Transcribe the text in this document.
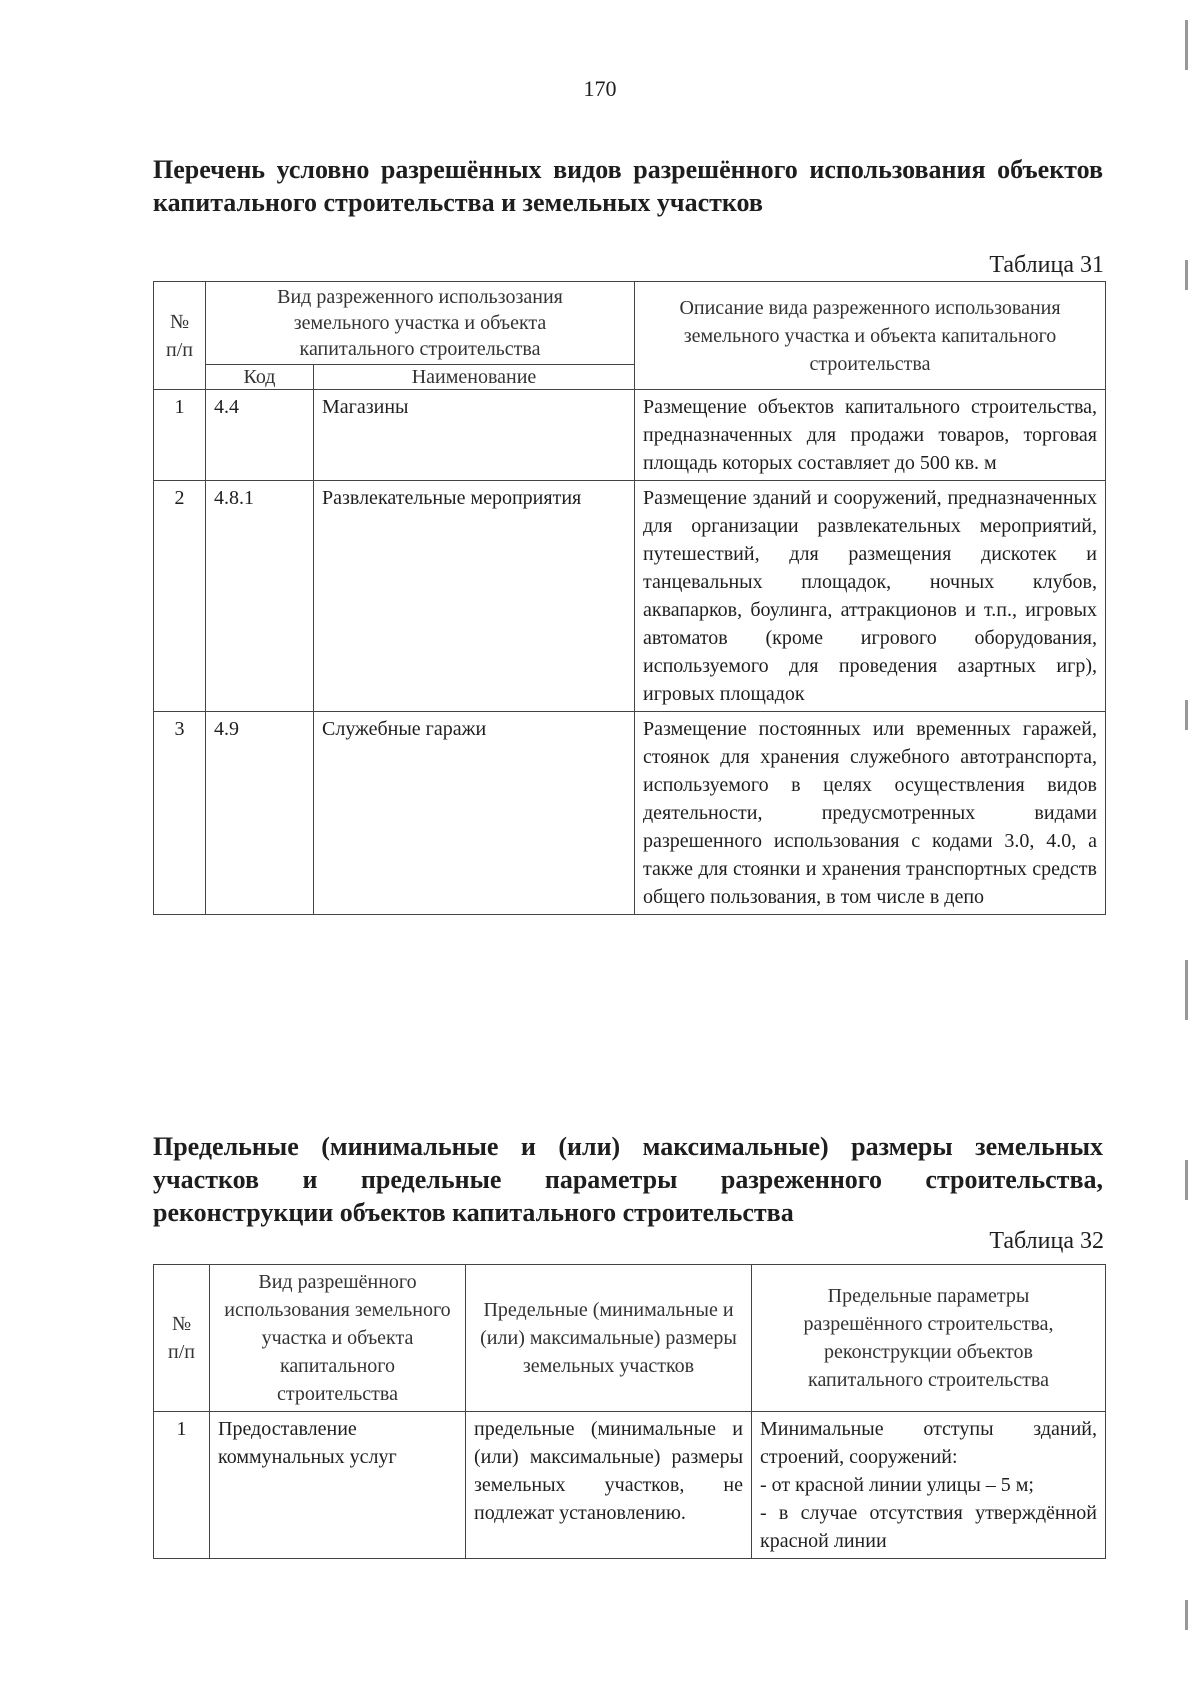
170
Перечень условно разрешённых видов разрешённого использования объектов капитального строительства и земельных участков
Таблица 31
№ п/п	Вид разреженного использозания земельного участка и объекта капитального строительства		Описание вида разреженного использования земельного участка и объекта капитального строительства
	Код	Наименование	
1	4.4	Магазины	Размещение объектов капитального строительства, предназначенных для продажи товаров, торговая площадь которых составляет до 500 кв. м
2	4.8.1	Развлекательные мероприятия	Размещение зданий и сооружений, предназначенных для организации развлекательных мероприятий, путешествий, для размещения дискотек и танцевальных площадок, ночных клубов, аквапарков, боулинга, аттракционов и т.п., игровых автоматов (кроме игрового оборудования, используемого для проведения азартных игр), игровых площадок
3	4.9	Служебные гаражи	Размещение постоянных или временных гаражей, стоянок для хранения служебного автотранспорта, используемого в целях осуществления видов деятельности, предусмотренных видами разрешенного использования с кодами 3.0, 4.0, а также для стоянки и хранения транспортных средств общего пользования, в том числе в депо
Предельные (минимальные и (или) максимальные) размеры земельных участков и предельные параметры разреженного строительства, реконструкции объектов капитального строительства
Таблица 32
№ п/п	Вид разрешённого использования земельного участка и объекта капитального строительства	Предельные (минимальные и (или) максимальные) размеры земельных участков	Предельные параметры разрешённого строительства, реконструкции объектов капитального строительства
1	Предоставление коммунальных услуг	предельные (минимальные и (или) максимальные) размеры земельных участков, не подлежат установлению.	Минимальные отступы зданий, строений, сооружений:
- от красной линии улицы – 5 м;
- в случае отсутствия утверждённой красной линии
